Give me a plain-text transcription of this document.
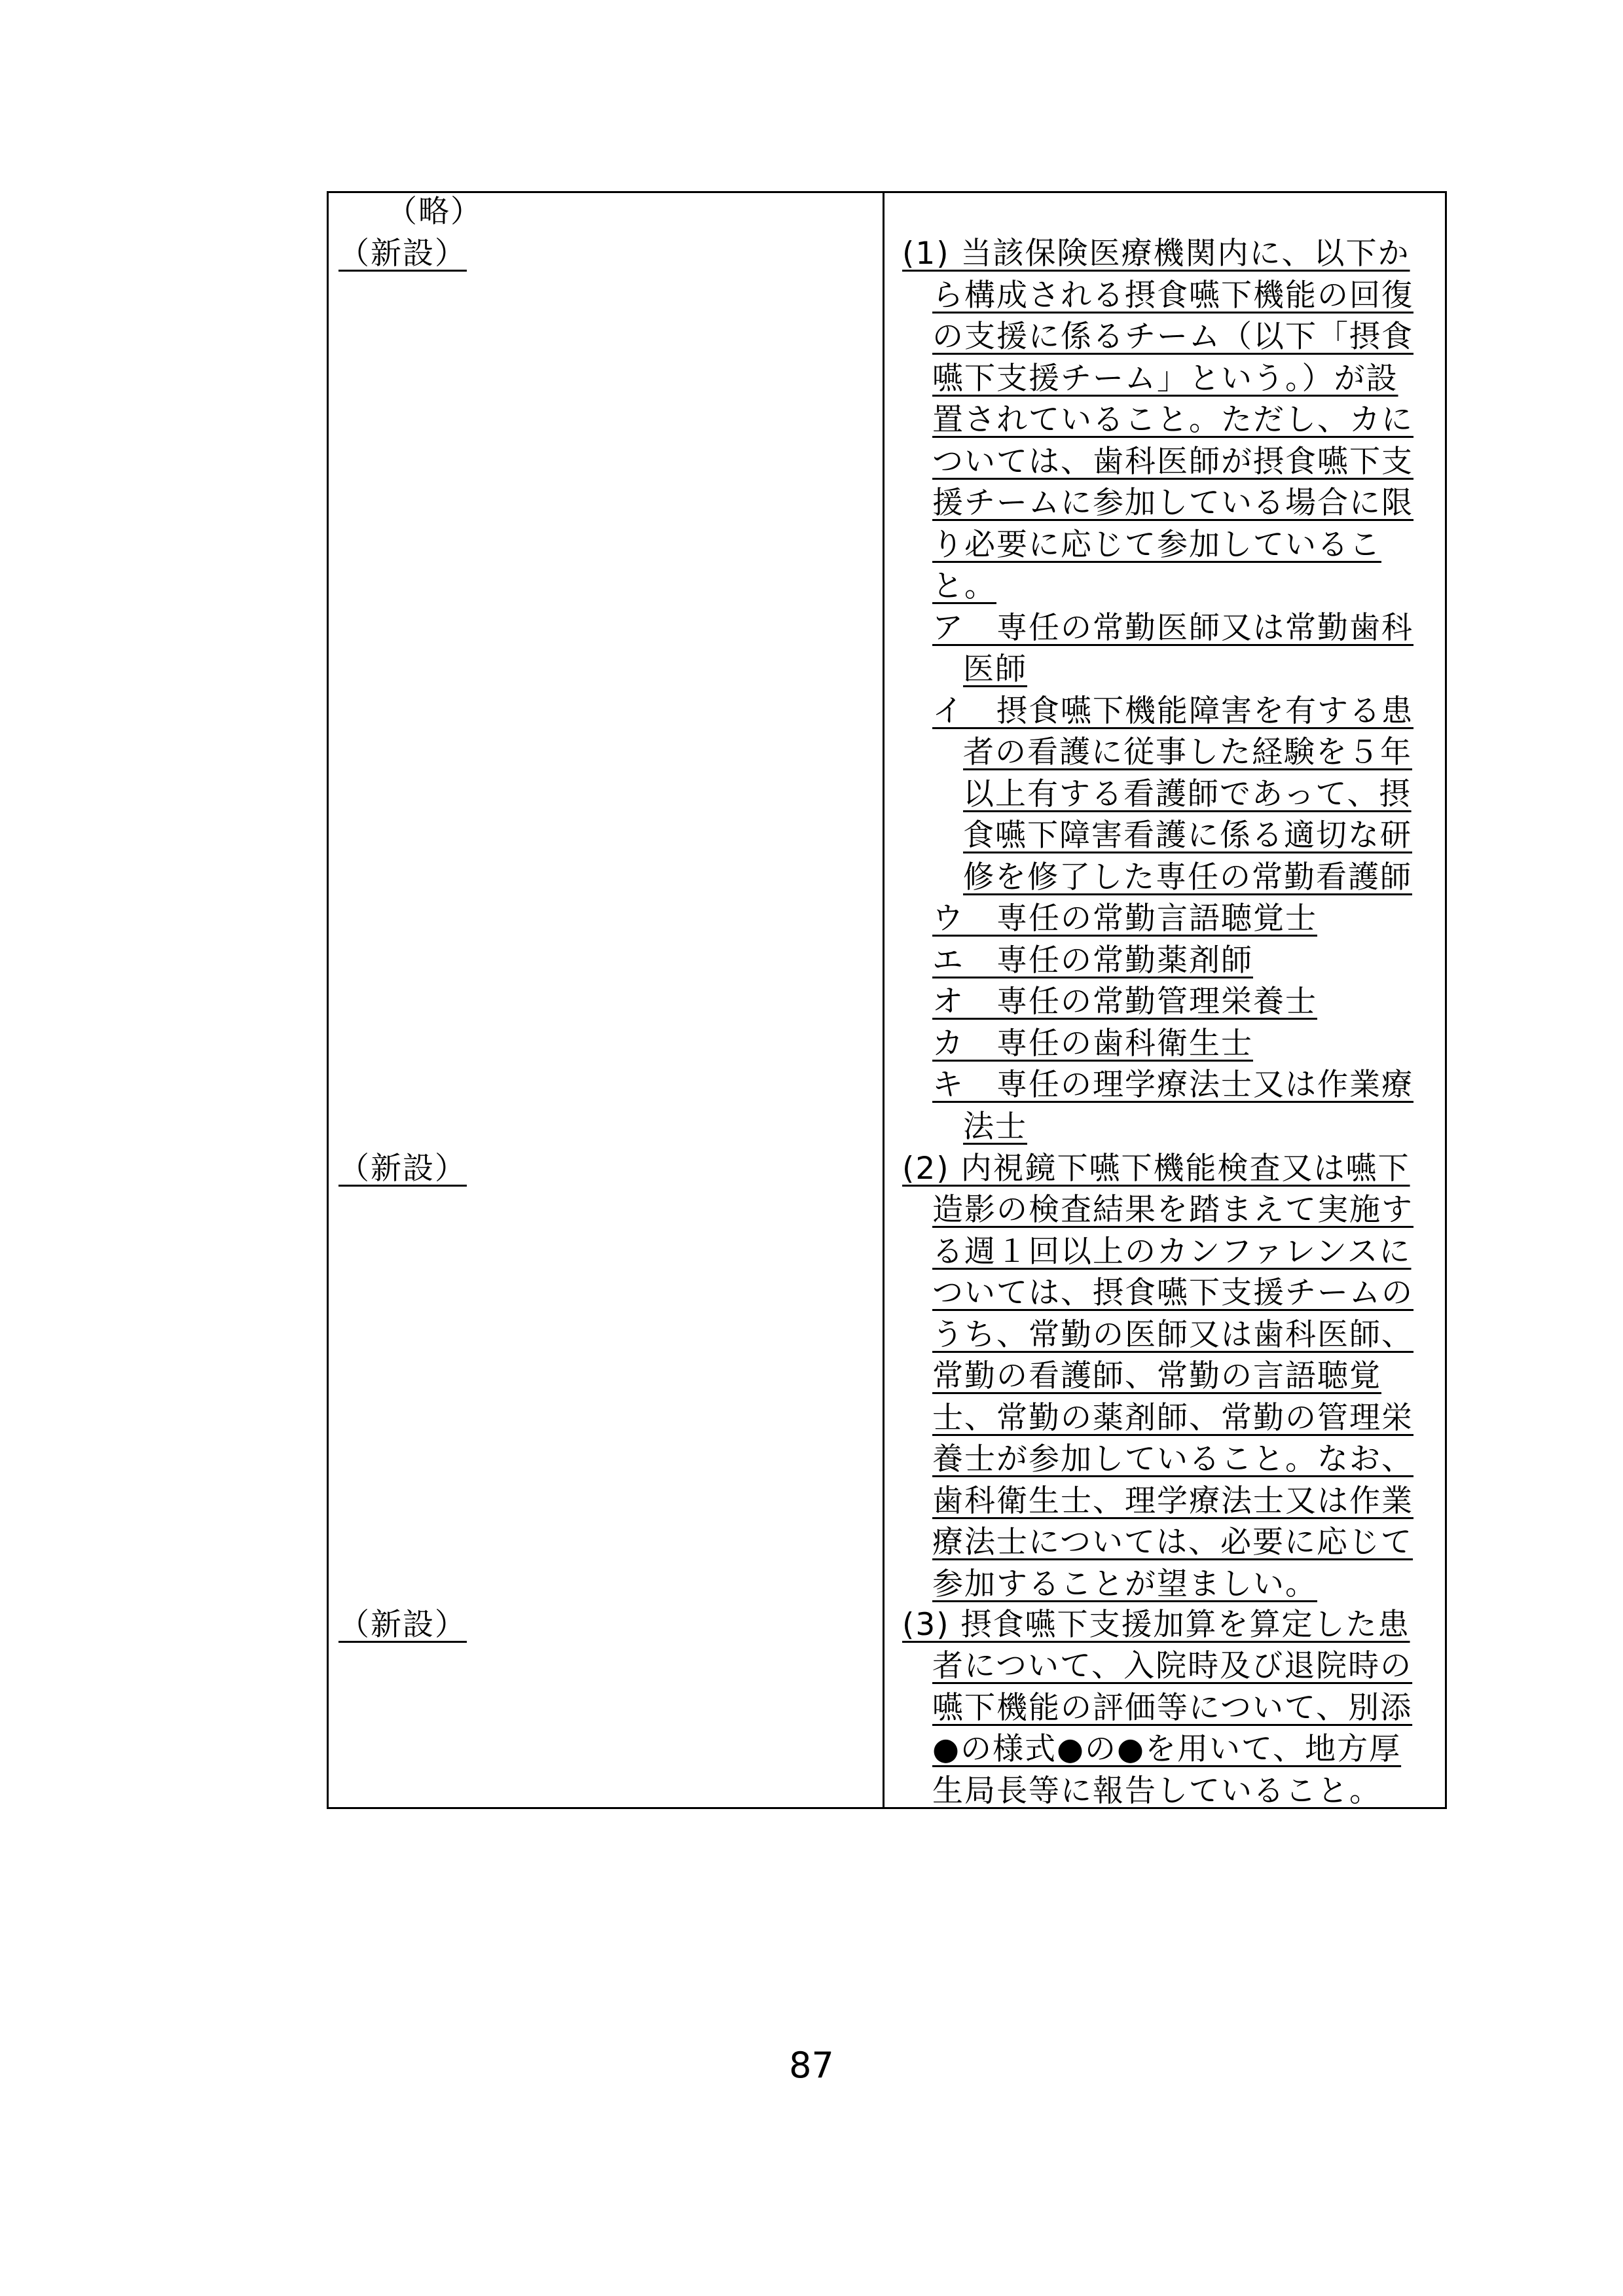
（略）
（新設）
（新設）
（新設）
(1) 当該保険医療機関内に、以下か
ら構成される摂食嚥下機能の回復
の支援に係るチーム（以下「摂食
嚥下支援チーム」という。）が設
置されていること。ただし、カに
ついては、歯科医師が摂食嚥下支
援チームに参加している場合に限
り必要に応じて参加しているこ
と。
ア　専任の常勤医師又は常勤歯科
医師
イ　摂食嚥下機能障害を有する患
者の看護に従事した経験を５年
以上有する看護師であって、摂
食嚥下障害看護に係る適切な研
修を修了した専任の常勤看護師
ウ　専任の常勤言語聴覚士
エ　専任の常勤薬剤師
オ　専任の常勤管理栄養士
カ　専任の歯科衛生士
キ　専任の理学療法士又は作業療
法士
(2) 内視鏡下嚥下機能検査又は嚥下
造影の検査結果を踏まえて実施す
る週１回以上のカンファレンスに
ついては、摂食嚥下支援チームの
うち、常勤の医師又は歯科医師、
常勤の看護師、常勤の言語聴覚
士、常勤の薬剤師、常勤の管理栄
養士が参加していること。なお、
歯科衛生士、理学療法士又は作業
療法士については、必要に応じて
参加することが望ましい。
(3) 摂食嚥下支援加算を算定した患
者について、入院時及び退院時の
嚥下機能の評価等について、別添
●の様式●の●を用いて、地方厚
生局長等に報告していること。
87
